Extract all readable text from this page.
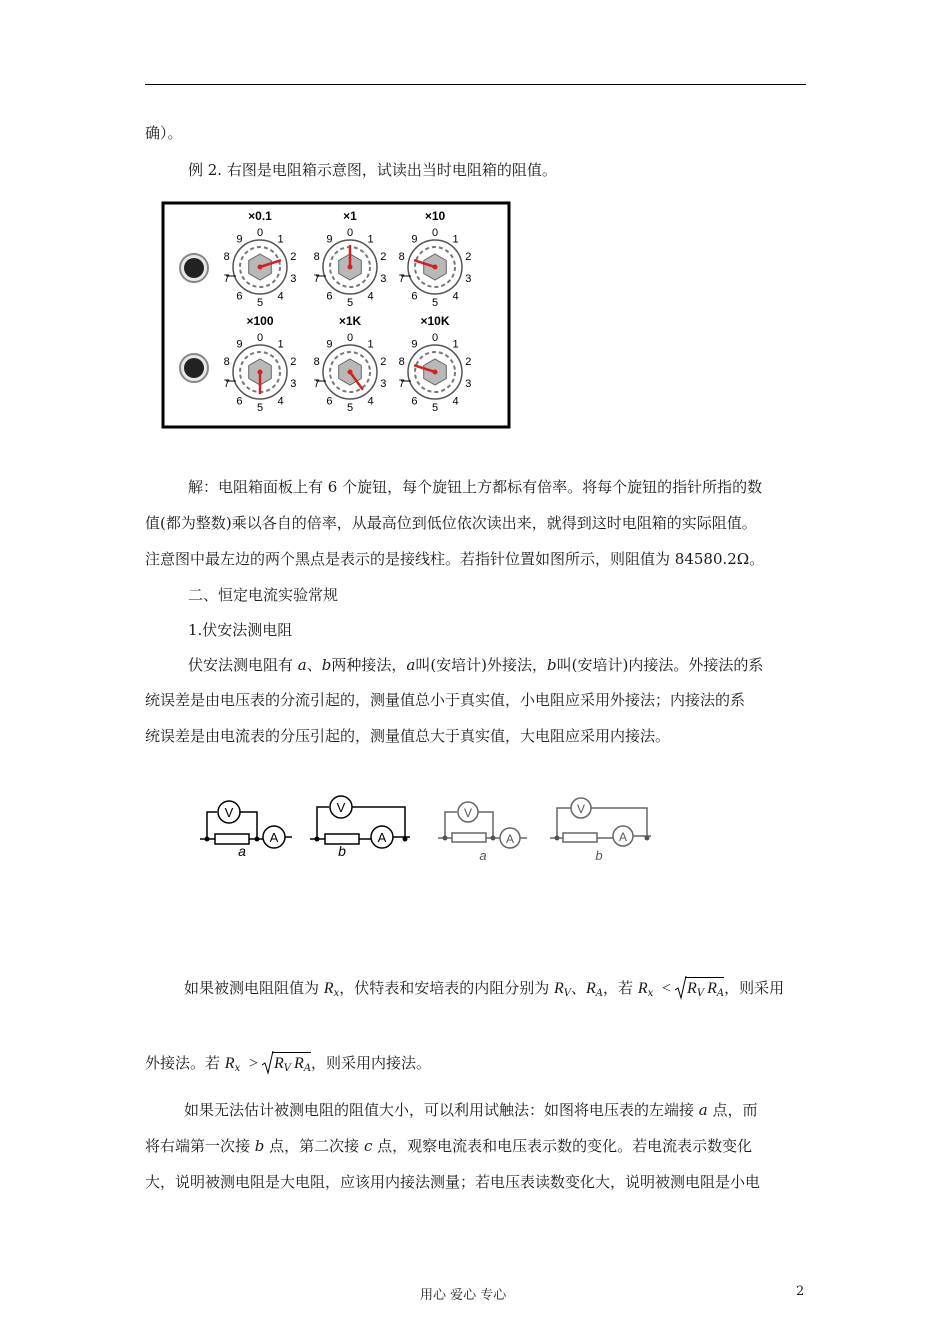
确）。
例 2. 右图是电阻箱示意图，试读出当时电阻箱的阻值。
0
1
2
3
4
5
6
7
8
9
×0.1
0
1
2
3
4
5
6
7
8
9
×1
0
1
2
3
4
5
6
7
8
9
×10
0
1
2
3
4
5
6
7
8
9
×100
0
1
2
3
4
5
6
7
8
9
×1K
0
1
2
3
4
5
6
7
8
9
×10K
解：电阻箱面板上有 6 个旋钮，每个旋钮上方都标有倍率。将每个旋钮的指针所指的数
值(都为整数)乘以各自的倍率，从最高位到低位依次读出来，就得到这时电阻箱的实际阻值。
注意图中最左边的两个黑点是表示的是接线柱。若指针位置如图所示，则阻值为 84580.2Ω。
二、恒定电流实验常规
1.伏安法测电阻
伏安法测电阻有 a、b两种接法，a叫(安培计)外接法，b叫(安培计)内接法。外接法的系
统误差是由电压表的分流引起的，测量值总小于真实值，小电阻应采用外接法；内接法的系
统误差是由电流表的分压引起的，测量值总大于真实值，大电阻应采用内接法。
V
A
a
V
A
b
V
A
a
V
A
b
如果被测电阻阻值为 $R_x$，伏特表和安培表的内阻分别为 $R_V$、$R_A$，若 $R_x < R_V$ $R_A$，则采用
外接法。若 $R_x > R_V$ $R_A$，则采用内接法。
如果无法估计被测电阻的阻值大小，可以利用试触法：如图将电压表的左端接 a 点，而
将右端第一次接 b 点，第二次接 c 点，观察电流表和电压表示数的变化。若电流表示数变化
大，说明被测电阻是大电阻，应该用内接法测量；若电压表读数变化大，说明被测电阻是小电
用心 爱心 专心	2
